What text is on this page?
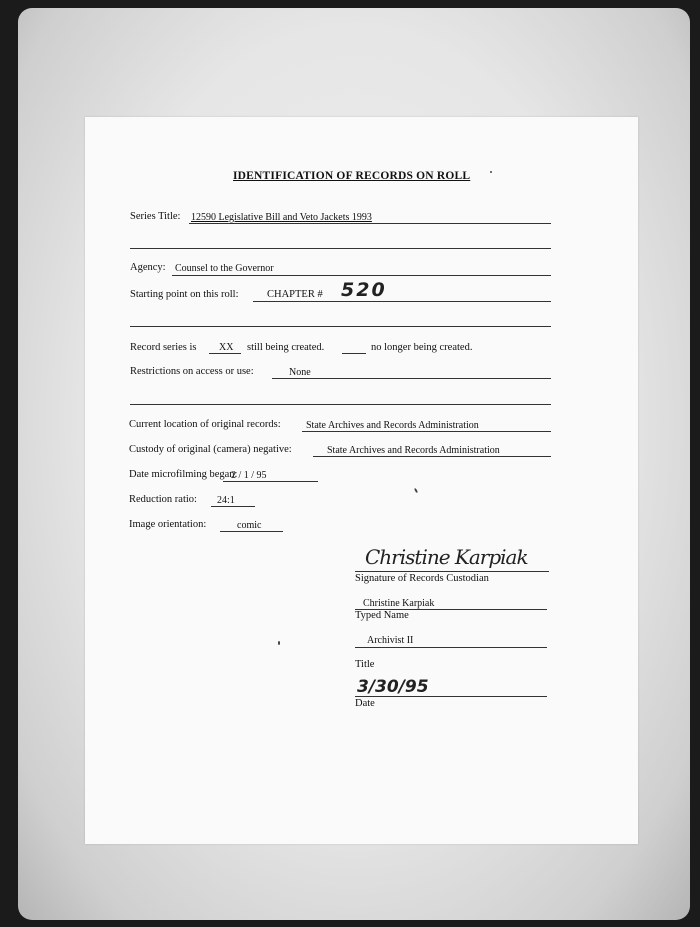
IDENTIFICATION OF RECORDS ON ROLL
Series Title: 12590 Legislative Bill and Veto Jackets 1993
Agency: Counsel to the Governor
Starting point on this roll:	CHAPTER # 520
Record series is XX still being created.	no longer being created.
Restrictions on access or use:	None
Current location of original records:	State Archives and Records Administration
Custody of original (camera) negative:	State Archives and Records Administration
Date microfilming began:
2 / 1 / 95
Reduction ratio: 24:1
Image orientation:	comic
Christine Karpiak
Signature of Records Custodian
Christine Karpiak
Typed Name
Archivist II
Title
3/30/95
Date
